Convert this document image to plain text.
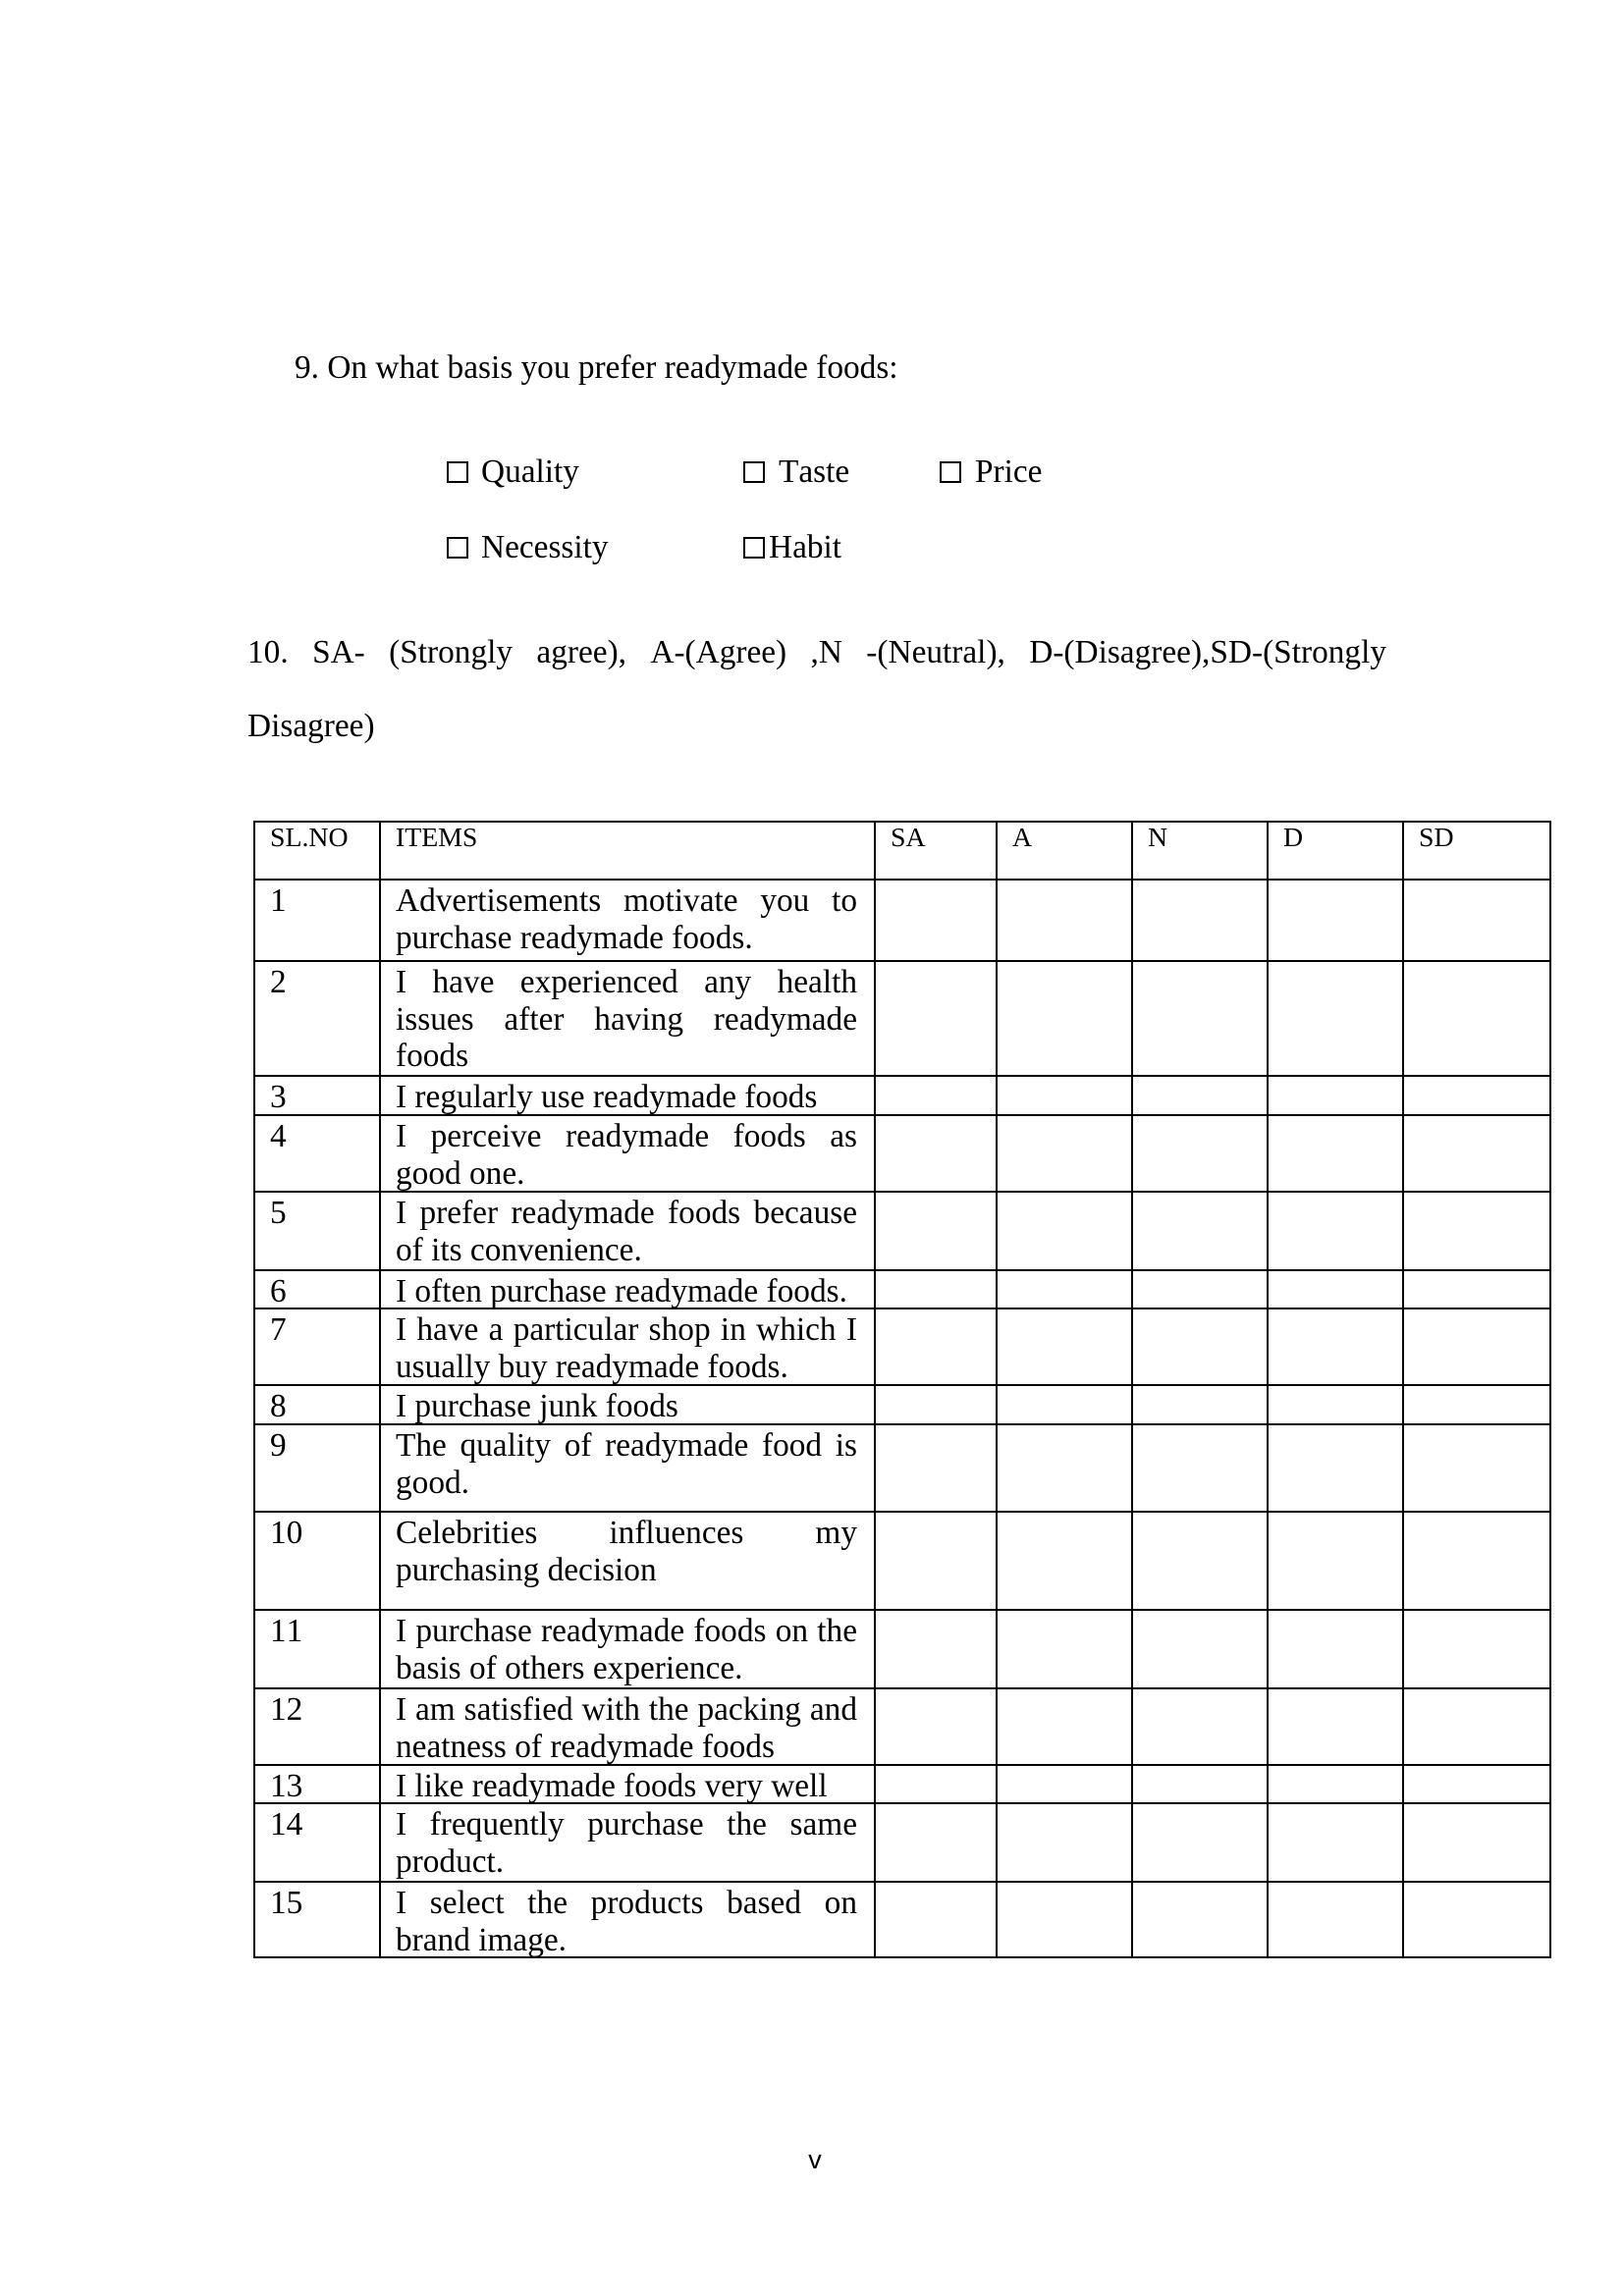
9. On what basis you prefer readymade foods:
Quality	Taste	Price
Necessity	Habit
10. SA- (Strongly agree), A-(Agree) ,N -(Neutral), D-(Disagree),SD-(Strongly Disagree)
SL.NO	ITEMS	SA	A	N	D	SD
1	Advertisements motivate you to purchase readymade foods.
2	I have experienced any health issues after having readymade foods
3	I regularly use readymade foods
4	I perceive readymade foods as good one.
5	I prefer readymade foods because of its convenience.
6	I often purchase readymade foods.
7	I have a particular shop in which I usually buy readymade foods.
8	I purchase junk foods
9	The quality of readymade food is good.
10	Celebrities influences my purchasing decision
11	I purchase readymade foods on the basis of others experience.
12	I am satisfied with the packing and neatness of readymade foods
13	I like readymade foods very well
14	I frequently purchase the same product.
15	I select the products based on brand image.
v
